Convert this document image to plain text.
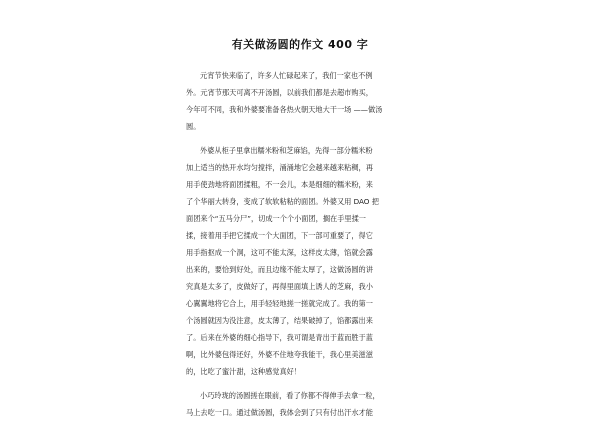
有关做汤圆的作文 400 字
元宵节快来临了，许多人忙碌起来了，我们一家也不例
外。元宵节那天可离不开汤圆，以前我们都是去超市购买，
今年可不同，我和外婆要准备各热火朝天地大干一场 ——做汤
圆。
外婆从柜子里拿出糯米粉和芝麻馅，先得一部分糯米粉
加上适当的热开水均匀搅拌，涌涌地它会越来越来粘稠，再
用手使劲地将面团揉粗，不一会儿，本是细细的糯米粉，来
了个华丽大转身，变成了软软粘粘的面团。外婆又用 DAO 把
面团来个“五马分尸”，切成一个个小面团，搁在手里揉一
揉，接着用手把它揉成一个大面团，下一部可重要了，得它
用手指抠成一个洞，这可不能太深，这样皮太薄，馅就会露
出来的，要恰到好处，而且边缘不能太厚了，这做汤圆的讲
究真是太多了，皮做好了，再得里面填上诱人的芝麻，我小
心翼翼地将它合上，用手轻轻地搓一搓就完成了。我的第一
个汤圆就因为没注意，皮太薄了，结果破掉了，馅都露出来
了。后来在外婆的细心指导下，我可谓是青出于蓝而胜于蓝
啊，比外婆包得还好，外婆不住地夸我能干，我心里美滋滋
的，比吃了蜜汁甜，这种感觉真好！
小巧玲珑的汤圆搓在眼前，看了你都不得伸手去拿一粒，
马上去吃一口。通过做汤圆，我体会到了只有付出汗水才能
